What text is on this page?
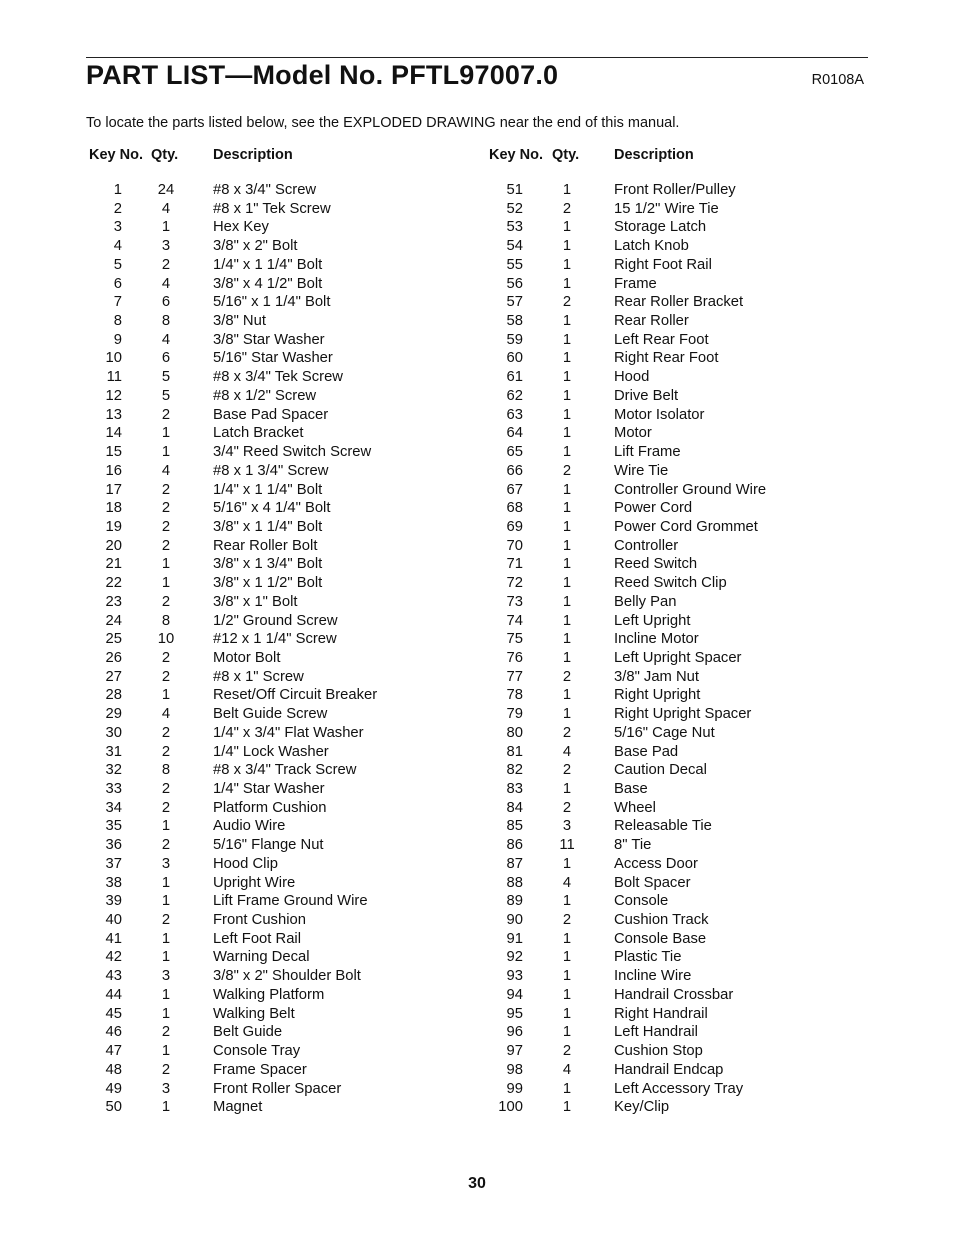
PART LIST—Model No. PFTL97007.0	R0108A
To locate the parts listed below, see the EXPLODED DRAWING near the end of this manual.
Key No. Qty. Description
1	24	#8 x 3/4" Screw
2	4	#8 x 1" Tek Screw
3	1	Hex Key
4	3	3/8" x 2" Bolt
5	2	1/4" x 1 1/4" Bolt
6	4	3/8" x 4 1/2" Bolt
7	6	5/16" x 1 1/4" Bolt
8	8	3/8" Nut
9	4	3/8" Star Washer
10	6	5/16" Star Washer
11	5	#8 x 3/4" Tek Screw
12	5	#8 x 1/2" Screw
13	2	Base Pad Spacer
14	1	Latch Bracket
15	1	3/4" Reed Switch Screw
16	4	#8 x 1 3/4" Screw
17	2	1/4" x 1 1/4" Bolt
18	2	5/16" x 4 1/4" Bolt
19	2	3/8" x 1 1/4" Bolt
20	2	Rear Roller Bolt
21	1	3/8" x 1 3/4" Bolt
22	1	3/8" x 1 1/2" Bolt
23	2	3/8" x 1" Bolt
24	8	1/2" Ground Screw
25	10	#12 x 1 1/4" Screw
26	2	Motor Bolt
27	2	#8 x 1" Screw
28	1	Reset/Off Circuit Breaker
29	4	Belt Guide Screw
30	2	1/4" x 3/4" Flat Washer
31	2	1/4" Lock Washer
32	8	#8 x 3/4" Track Screw
33	2	1/4" Star Washer
34	2	Platform Cushion
35	1	Audio Wire
36	2	5/16" Flange Nut
37	3	Hood Clip
38	1	Upright Wire
39	1	Lift Frame Ground Wire
40	2	Front Cushion
41	1	Left Foot Rail
42	1	Warning Decal
43	3	3/8" x 2" Shoulder Bolt
44	1	Walking Platform
45	1	Walking Belt
46	2	Belt Guide
47	1	Console Tray
48	2	Frame Spacer
49	3	Front Roller Spacer
50	1	Magnet
Key No. Qty. Description
51	1	Front Roller/Pulley
52	2	15 1/2" Wire Tie
53	1	Storage Latch
54	1	Latch Knob
55	1	Right Foot Rail
56	1	Frame
57	2	Rear Roller Bracket
58	1	Rear Roller
59	1	Left Rear Foot
60	1	Right Rear Foot
61	1	Hood
62	1	Drive Belt
63	1	Motor Isolator
64	1	Motor
65	1	Lift Frame
66	2	Wire Tie
67	1	Controller Ground Wire
68	1	Power Cord
69	1	Power Cord Grommet
70	1	Controller
71	1	Reed Switch
72	1	Reed Switch Clip
73	1	Belly Pan
74	1	Left Upright
75	1	Incline Motor
76	1	Left Upright Spacer
77	2	3/8" Jam Nut
78	1	Right Upright
79	1	Right Upright Spacer
80	2	5/16" Cage Nut
81	4	Base Pad
82	2	Caution Decal
83	1	Base
84	2	Wheel
85	3	Releasable Tie
86	11	8" Tie
87	1	Access Door
88	4	Bolt Spacer
89	1	Console
90	2	Cushion Track
91	1	Console Base
92	1	Plastic Tie
93	1	Incline Wire
94	1	Handrail Crossbar
95	1	Right Handrail
96	1	Left Handrail
97	2	Cushion Stop
98	4	Handrail Endcap
99	1	Left Accessory Tray
100	1	Key/Clip
30
